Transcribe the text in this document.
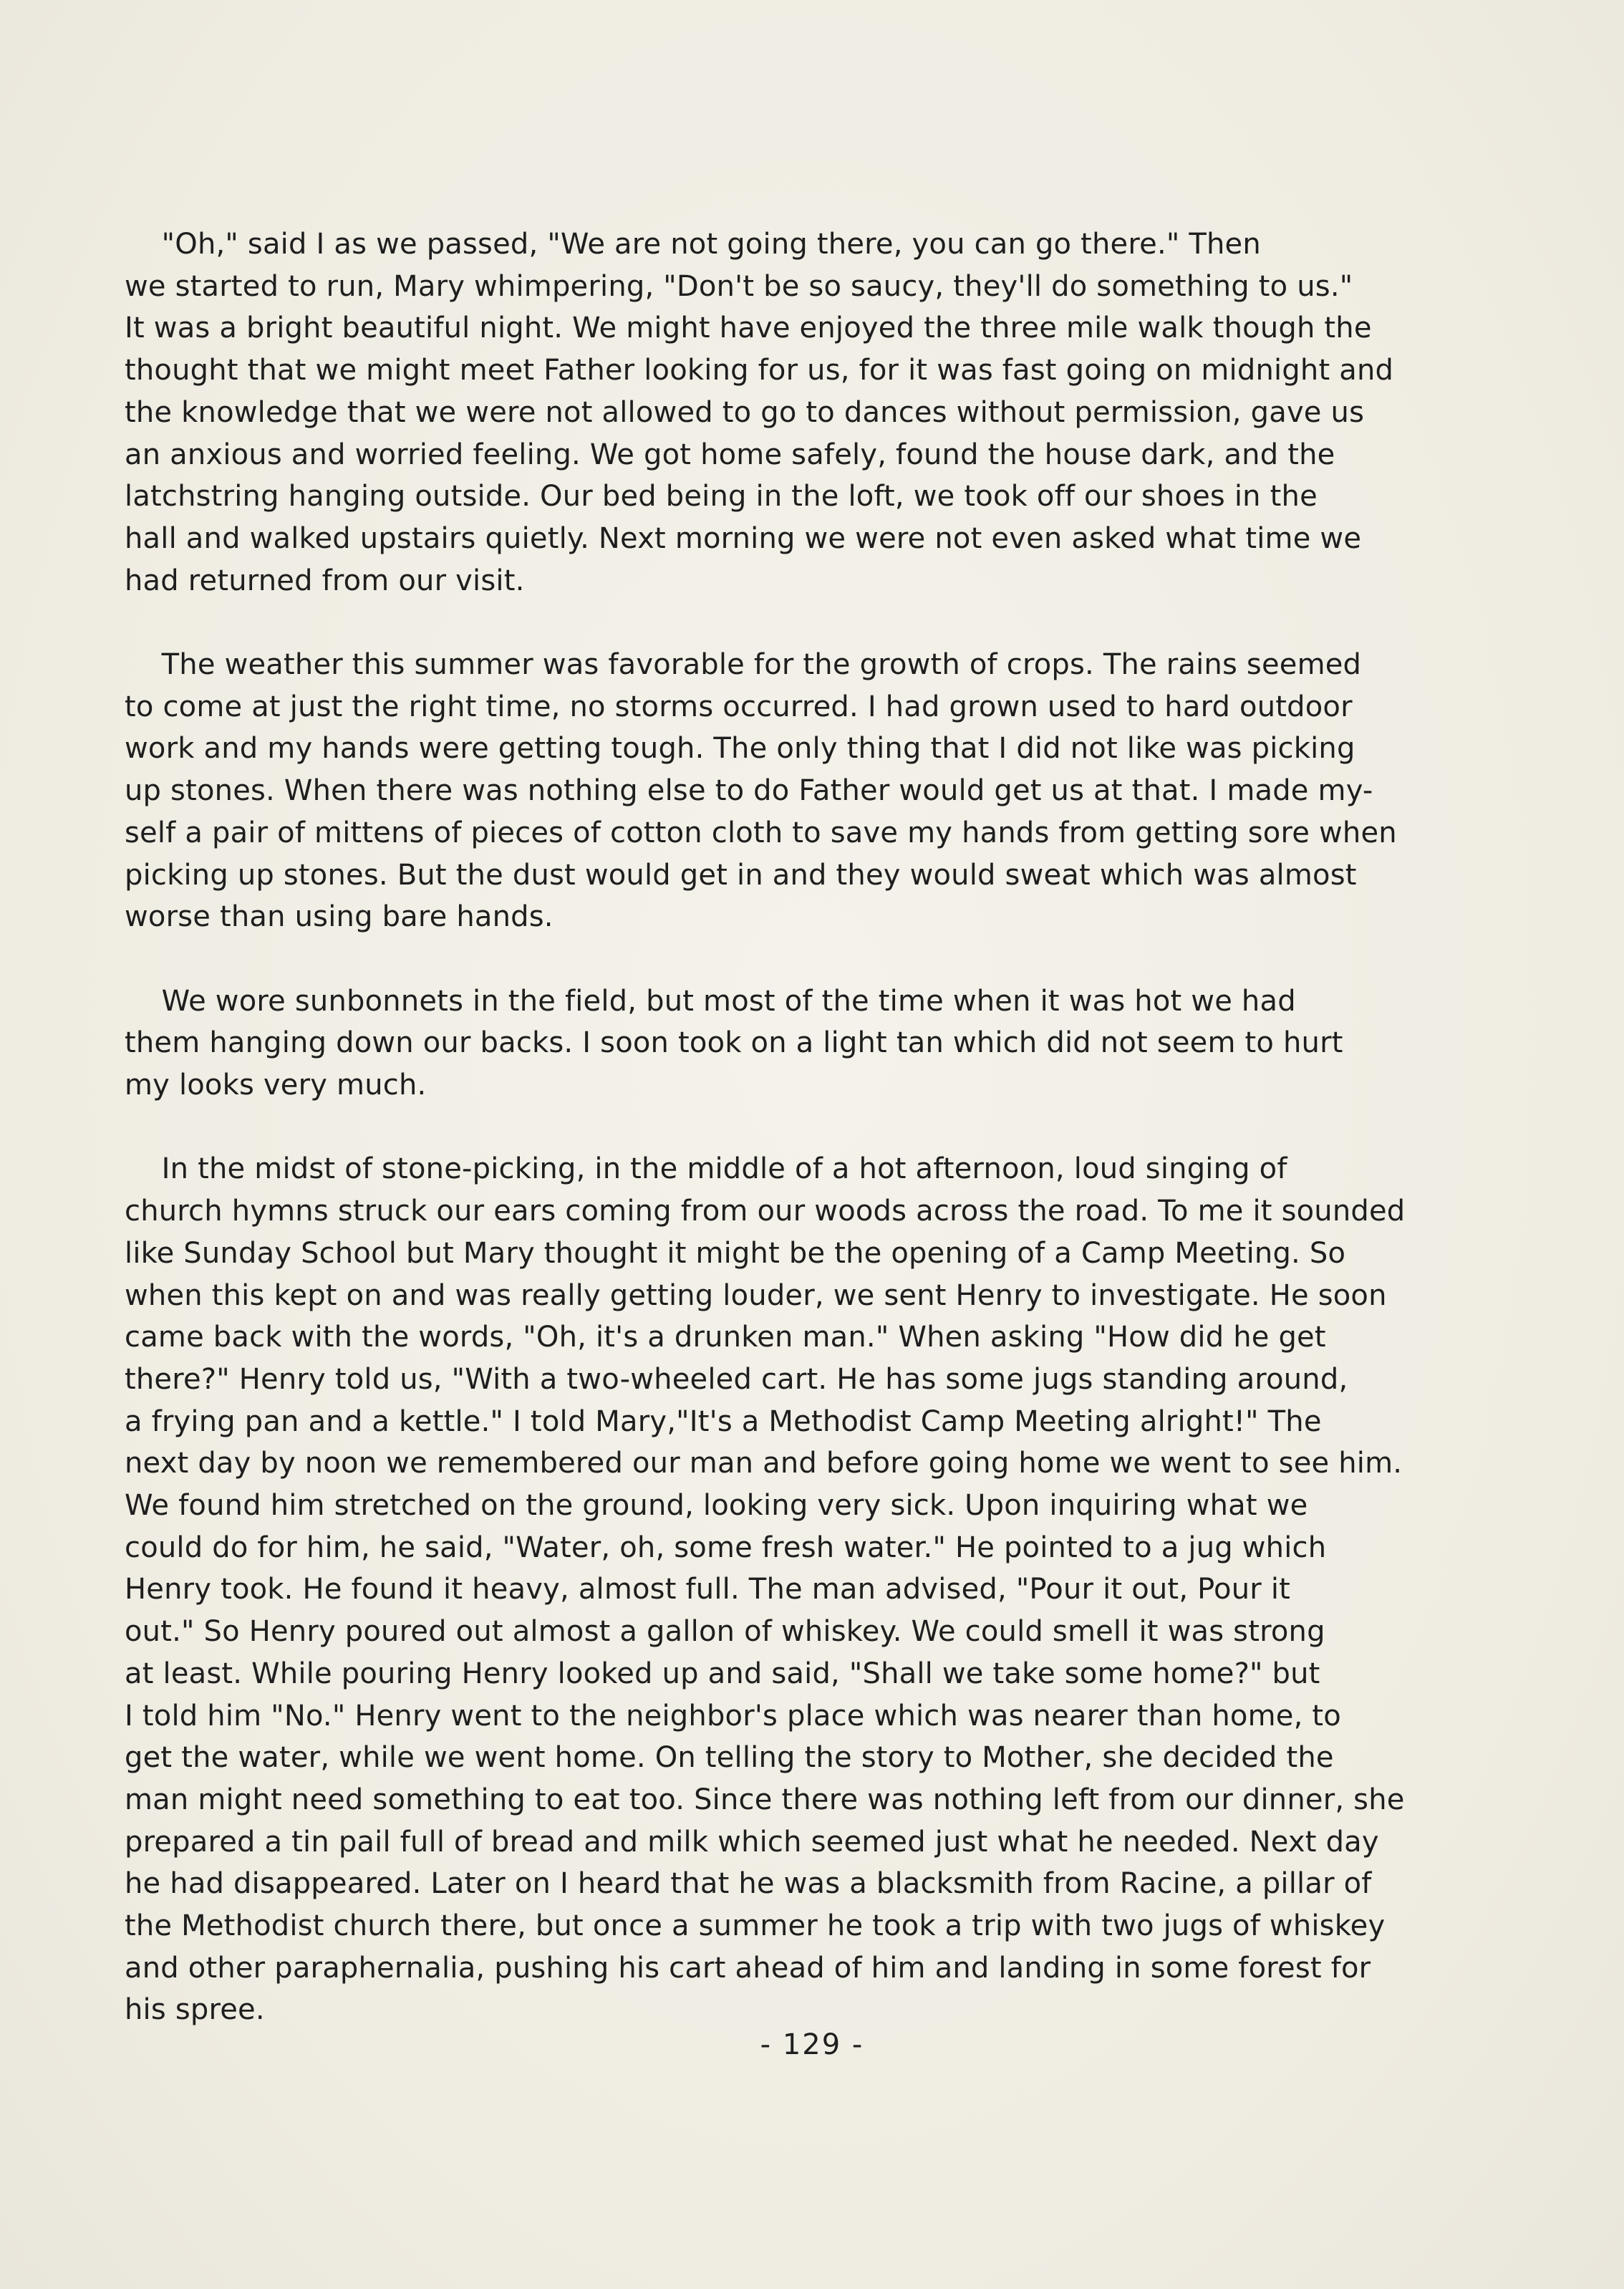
"Oh," said I as we passed, "We are not going there, you can go there." Then
we started to run, Mary whimpering, "Don't be so saucy, they'll do something to us."
It was a bright beautiful night. We might have enjoyed the three mile walk though the
thought that we might meet Father looking for us, for it was fast going on midnight and
the knowledge that we were not allowed to go to dances without permission, gave us
an anxious and worried feeling. We got home safely, found the house dark, and the
latchstring hanging outside. Our bed being in the loft, we took off our shoes in the
hall and walked upstairs quietly. Next morning we were not even asked what time we
had returned from our visit.

The weather this summer was favorable for the growth of crops. The rains seemed
to come at just the right time, no storms occurred. I had grown used to hard outdoor
work and my hands were getting tough. The only thing that I did not like was picking
up stones. When there was nothing else to do Father would get us at that. I made my-
self a pair of mittens of pieces of cotton cloth to save my hands from getting sore when
picking up stones. But the dust would get in and they would sweat which was almost
worse than using bare hands.

We wore sunbonnets in the field, but most of the time when it was hot we had
them hanging down our backs. I soon took on a light tan which did not seem to hurt
my looks very much.

In the midst of stone-picking, in the middle of a hot afternoon, loud singing of
church hymns struck our ears coming from our woods across the road. To me it sounded
like Sunday School but Mary thought it might be the opening of a Camp Meeting. So
when this kept on and was really getting louder, we sent Henry to investigate. He soon
came back with the words, "Oh, it's a drunken man." When asking "How did he get
there?" Henry told us, "With a two-wheeled cart. He has some jugs standing around,
a frying pan and a kettle." I told Mary,"It's a Methodist Camp Meeting alright!" The
next day by noon we remembered our man and before going home we went to see him.
We found him stretched on the ground, looking very sick. Upon inquiring what we
could do for him, he said, "Water, oh, some fresh water." He pointed to a jug which
Henry took. He found it heavy, almost full. The man advised, "Pour it out, Pour it
out." So Henry poured out almost a gallon of whiskey. We could smell it was strong
at least. While pouring Henry looked up and said, "Shall we take some home?" but
I told him "No." Henry went to the neighbor's place which was nearer than home, to
get the water, while we went home. On telling the story to Mother, she decided the
man might need something to eat too. Since there was nothing left from our dinner, she
prepared a tin pail full of bread and milk which seemed just what he needed. Next day
he had disappeared. Later on I heard that he was a blacksmith from Racine, a pillar of
the Methodist church there, but once a summer he took a trip with two jugs of whiskey
and other paraphernalia, pushing his cart ahead of him and landing in some forest for
his spree.

- 129 -
